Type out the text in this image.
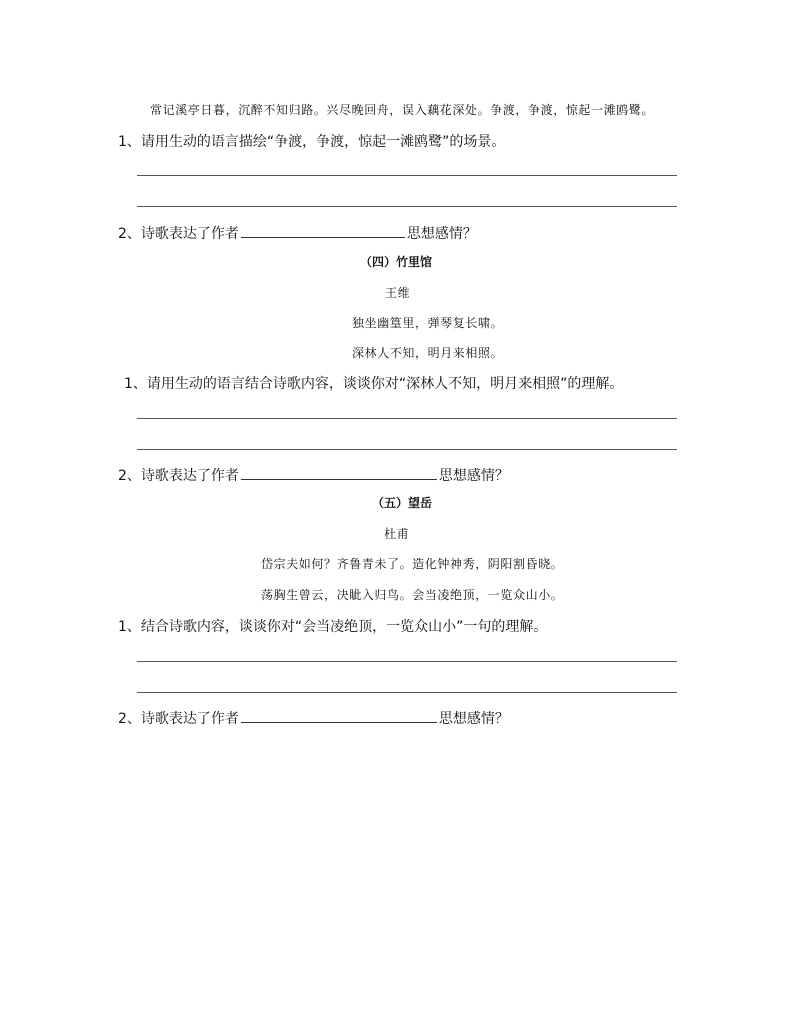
常记溪亭日暮，沉醉不知归路。兴尽晚回舟，误入藕花深处。争渡，争渡，惊起一滩鸥鹭。
1、请用生动的语言描绘“争渡，争渡，惊起一滩鸥鹭”的场景。
2、诗歌表达了作者	思想感情？
（四）竹里馆
王维
独坐幽篁里，弹琴复长啸。
深林人不知，明月来相照。
1、请用生动的语言结合诗歌内容，谈谈你对“深林人不知，明月来相照”的理解。
2、诗歌表达了作者	思想感情？
（五）望岳
杜甫
岱宗夫如何？齐鲁青未了。造化钟神秀，阴阳割昏晓。
荡胸生曾云，决眦入归鸟。会当凌绝顶，一览众山小。
1、结合诗歌内容，谈谈你对“会当凌绝顶，一览众山小”一句的理解。
2、诗歌表达了作者	思想感情？
